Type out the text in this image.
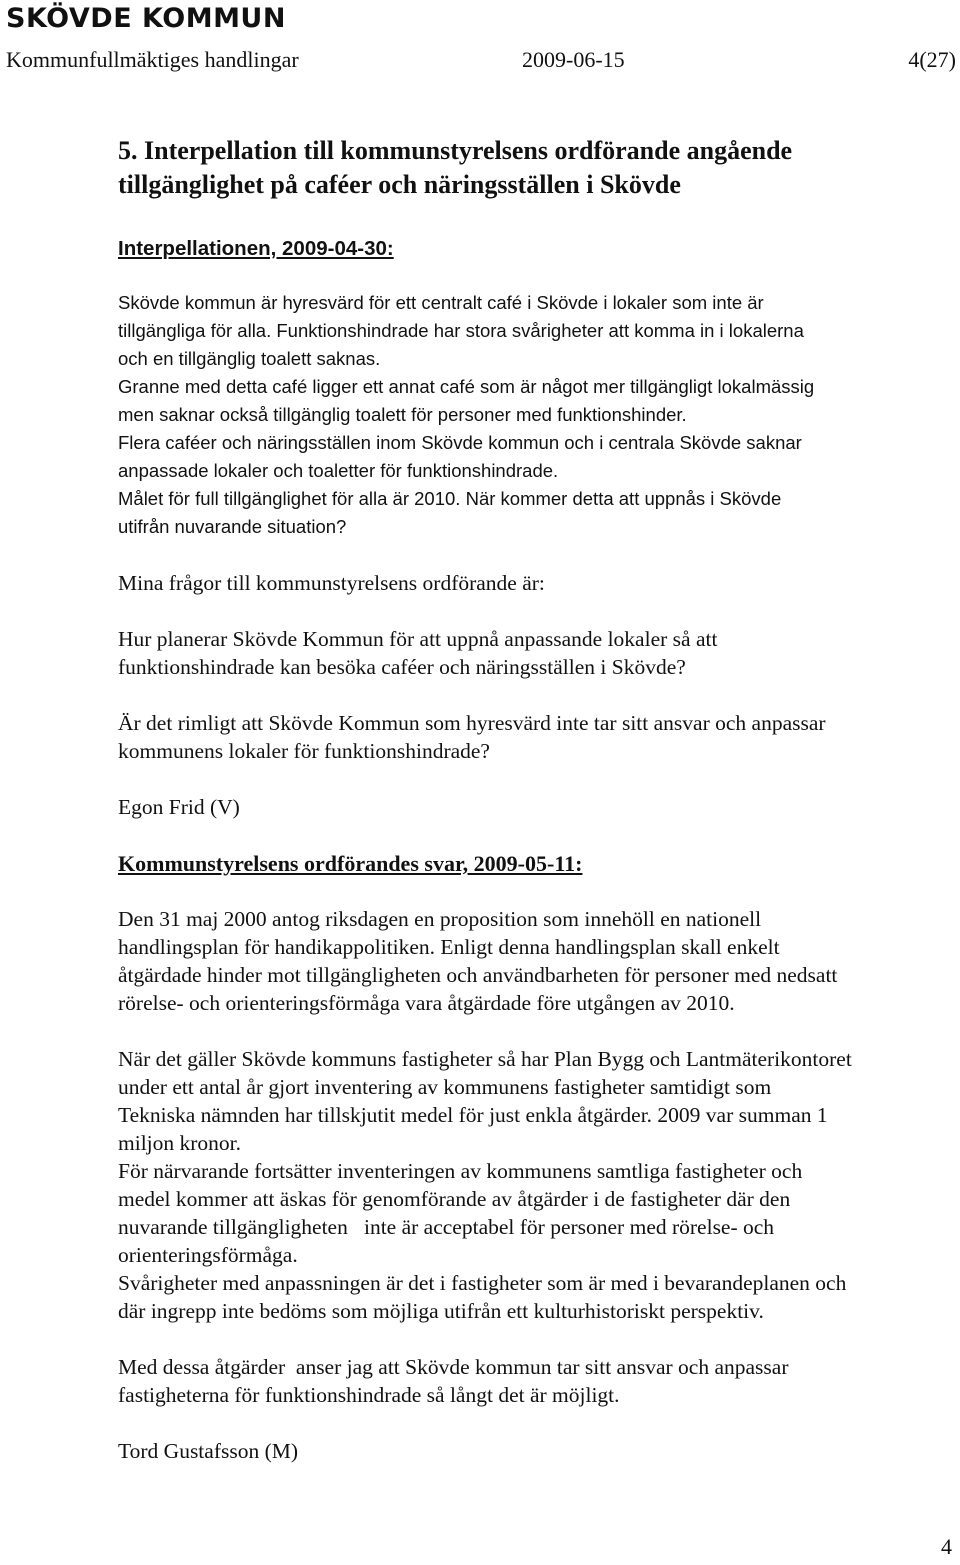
SKÖVDE KOMMUN
Kommunfullmäktiges handlingar	2009-06-15	4(27)
5. Interpellation till kommunstyrelsens ordförande angående
tillgänglighet på caféer och näringsställen i Skövde
Interpellationen, 2009-04-30:
Skövde kommun är hyresvärd för ett centralt café i Skövde i lokaler som inte är
tillgängliga för alla. Funktionshindrade har stora svårigheter att komma in i lokalerna
och en tillgänglig toalett saknas.
Granne med detta café ligger ett annat café som är något mer tillgängligt lokalmässig
men saknar också tillgänglig toalett för personer med funktionshinder.
Flera caféer och näringsställen inom Skövde kommun och i centrala Skövde saknar
anpassade lokaler och toaletter för funktionshindrade.
Målet för full tillgänglighet för alla är 2010. När kommer detta att uppnås i Skövde
utifrån nuvarande situation?
Mina frågor till kommunstyrelsens ordförande är:
Hur planerar Skövde Kommun för att uppnå anpassande lokaler så att
funktionshindrade kan besöka caféer och näringsställen i Skövde?
Är det rimligt att Skövde Kommun som hyresvärd inte tar sitt ansvar och anpassar
kommunens lokaler för funktionshindrade?
Egon Frid (V)
Kommunstyrelsens ordförandes svar, 2009-05-11:
Den 31 maj 2000 antog riksdagen en proposition som innehöll en nationell
handlingsplan för handikappolitiken. Enligt denna handlingsplan skall enkelt
åtgärdade hinder mot tillgängligheten och användbarheten för personer med nedsatt
rörelse- och orienteringsförmåga vara åtgärdade före utgången av 2010.
När det gäller Skövde kommuns fastigheter så har Plan Bygg och Lantmäterikontoret
under ett antal år gjort inventering av kommunens fastigheter samtidigt som
Tekniska nämnden har tillskjutit medel för just enkla åtgärder. 2009 var summan 1
miljon kronor.
För närvarande fortsätter inventeringen av kommunens samtliga fastigheter och
medel kommer att äskas för genomförande av åtgärder i de fastigheter där den
nuvarande tillgängligheten   inte är acceptabel för personer med rörelse- och
orienteringsförmåga.
Svårigheter med anpassningen är det i fastigheter som är med i bevarandeplanen och
där ingrepp inte bedöms som möjliga utifrån ett kulturhistoriskt perspektiv.
Med dessa åtgärder  anser jag att Skövde kommun tar sitt ansvar och anpassar
fastigheterna för funktionshindrade så långt det är möjligt.
Tord Gustafsson (M)
4
